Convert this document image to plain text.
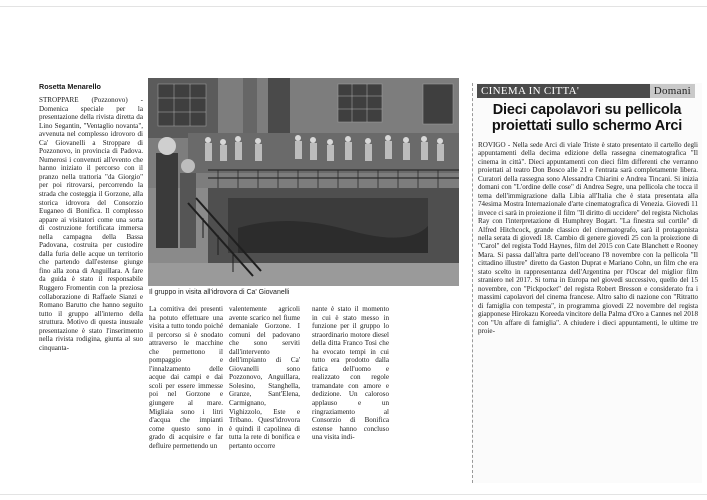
Rosetta Menarello

STROPPARE (Pozzonovo) - Domenica speciale per la presentazione della rivista diretta da Lino Segantin, "Ventaglio novanta", avvenuta nel complesso idrovoro di Ca' Giovanelli a Stroppare di Pozzonovo, in provincia di Padova. Numerosi i convenuti all'evento che hanno iniziato il percorso con il pranzo nella trattoria "da Giorgio" per poi ritrovarsi, percorrendo la strada che costeggia il Gorzone, alla storica idrovora del Consorzio Euganeo di Bonifica. Il complesso appare ai visitatori come una sorta di costruzione fortificata immersa nella campagna della Bassa Padovana, costruita per custodire dalla furia delle acque un territorio che partendo dall'estense giunge fino alla zona di Anguillara. A fare da guida è stato il responsabile Ruggero Fromentin con la preziosa collaborazione di Raffaele Sianzi e Romano Barutto che hanno seguito tutto il gruppo all'interno della struttura. Motivo di questa inusuale presentazione è stato l'inserimento nella rivista rodigina, giunta al suo cinquanta-

Il gruppo in visita all'idrovora di Ca' Giovanelli

La comitiva dei presenti ha potuto effettuare una visita a tutto tondo poiché il percorso si è snodato attraverso le macchine che permettono il pompaggio e l'innalzamento delle acque dai campi e dai scoli per essere immesse poi nel Gorzone e giungere al mare. Migliaia sono i litri d'acqua che impianti come questo sono in grado di acquisire e far defluire permettendo un

valentemente agricoli avente scarico nel fiume demaniale Gorzone. I comuni del padovano che sono serviti dall'intervento dell'impianto di Ca' Giovanelli sono Pozzonovo, Anguillara, Solesino, Stanghella, Granze, Sant'Elena, Carmignano, Vighizzolo, Este e Tribano. Quest'idrovora è quindi il capolinea di tutta la rete di bonifica e pertanto occorre

nante è stato il momento in cui è stato messo in funzione per il gruppo lo straordinario motore diesel della ditta Franco Tosi che ha evocato tempi in cui tutto era prodotto dalla fatica dell'uomo e realizzato con regole tramandate con amore e dedizione. Un caloroso applauso e un ringraziamento al Consorzio di Bonifica estense hanno concluso una visita indi-

CINEMA IN CITTA'	Domani
Dieci capolavori su pellicola proiettati sullo schermo Arci

ROVIGO - Nella sede Arci di viale Triste è stato presentato il cartello degli appuntamenti della decima edizione della rassegna cinematografica "Il cinema in città". Dieci appuntamenti con dieci film differenti che verranno proiettati al teatro Don Bosco alle 21 e l'entrata sarà completamente libera. Curatori della rassegna sono Alessandra Chiarini e Andrea Tincani. Si inizia domani con "L'ordine delle cose" di Andrea Segre, una pellicola che tocca il tema dell'immigrazione dalla Libia all'Italia che è stata presentata alla 74esima Mostra Internazionale d'arte cinematografica di Venezia. Giovedì 11 invece ci sarà in proiezione il film "Il diritto di uccidere" del regista Nicholas Ray con l'interpretazione di Humphrey Bogart. "La finestra sul cortile" di Alfred Hitchcock, grande classico del cinematografo, sarà il protagonista nella serata di giovedì 18. Cambio di genere giovedì 25 con la proiezione di "Carol" del regista Todd Haynes, film del 2015 con Cate Blanchett e Rooney Mara. Si passa dall'altra parte dell'oceano l'8 novembre con la pellicola "Il cittadino illustre" diretto da Gaston Duprat e Mariano Cohn, un film che era stato scelto in rappresentanza dell'Argentina per l'Oscar del miglior film straniero nel 2017. Si torna in Europa nel giovedì successivo, quello del 15 novembre, con "Pickpocket" del regista Robert Bresson e considerato fra i massimi capolavori del cinema francese. Altro salto di nazione con "Ritratto di famiglia con tempesta", in programma giovedì 22 novembre del regista giapponese Hirokazu Koreeda vincitore della Palma d'Oro a Cannes nel 2018 con "Un affare di famiglia". A chiudere i dieci appuntamenti, le ultime tre proie-
